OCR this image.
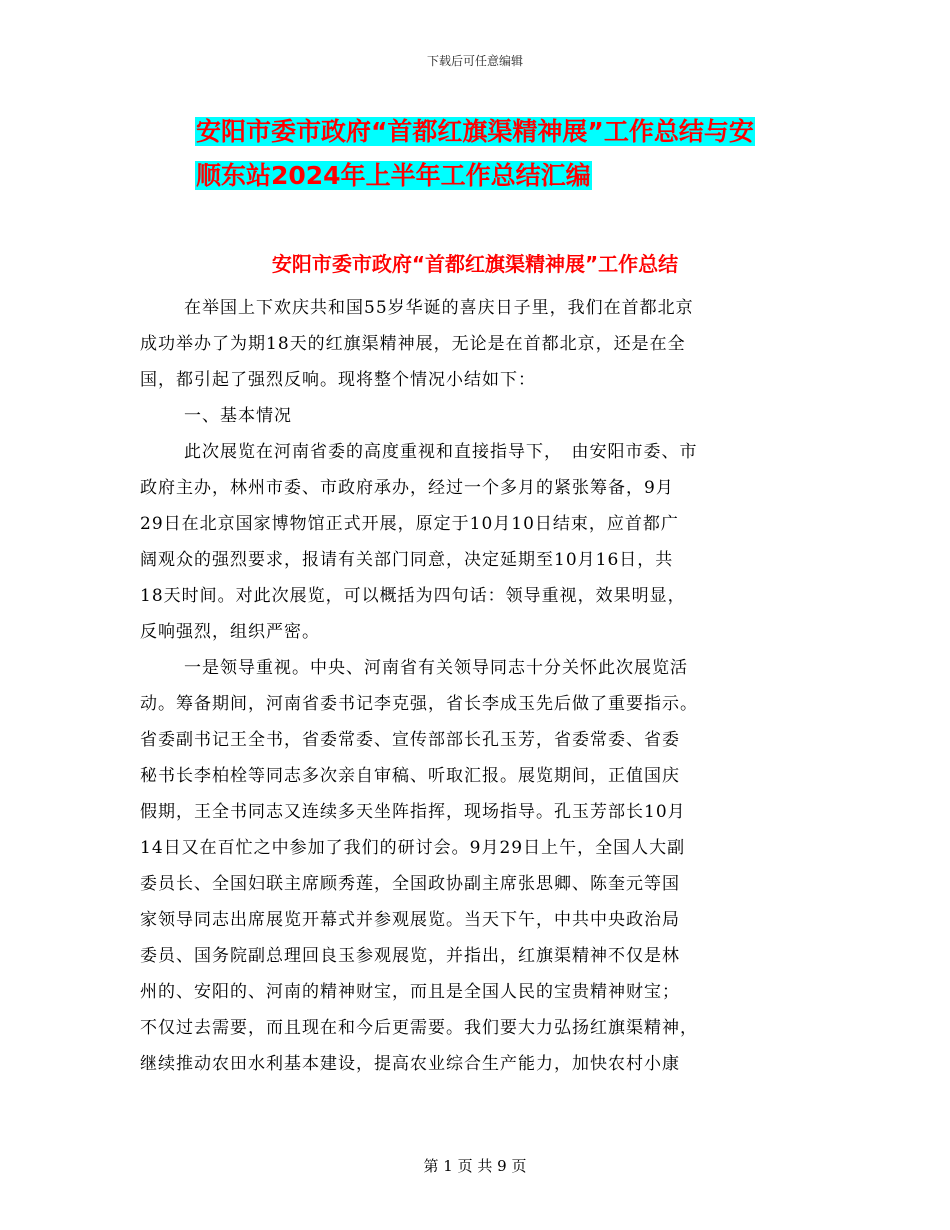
下载后可任意编辑
安阳市委市政府“首都红旗渠精神展”工作总结与安
顺东站2024年上半年工作总结汇编
安阳市委市政府“首都红旗渠精神展”工作总结

在举国上下欢庆共和国55岁华诞的喜庆日子里，我们在首都北京
成功举办了为期18天的红旗渠精神展，无论是在首都北京，还是在全
国，都引起了强烈反响。现将整个情况小结如下：

一、基本情况

此次展览在河南省委的高度重视和直接指导下，　由安阳市委、市
政府主办，林州市委、市政府承办，经过一个多月的紧张筹备，9月
29日在北京国家博物馆正式开展，原定于10月10日结束，应首都广
阔观众的强烈要求，报请有关部门同意，决定延期至10月16日，共
18天时间。对此次展览，可以概括为四句话：领导重视，效果明显，
反响强烈，组织严密。

一是领导重视。中央、河南省有关领导同志十分关怀此次展览活
动。筹备期间，河南省委书记李克强，省长李成玉先后做了重要指示。
省委副书记王全书，省委常委、宣传部部长孔玉芳，省委常委、省委
秘书长李柏栓等同志多次亲自审稿、听取汇报。展览期间，正值国庆
假期，王全书同志又连续多天坐阵指挥，现场指导。孔玉芳部长10月
14日又在百忙之中参加了我们的研讨会。9月29日上午，全国人大副
委员长、全国妇联主席顾秀莲，全国政协副主席张思卿、陈奎元等国
家领导同志出席展览开幕式并参观展览。当天下午，中共中央政治局
委员、国务院副总理回良玉参观展览，并指出，红旗渠精神不仅是林
州的、安阳的、河南的精神财宝，而且是全国人民的宝贵精神财宝；
不仅过去需要，而且现在和今后更需要。我们要大力弘扬红旗渠精神，
继续推动农田水利基本建设，提高农业综合生产能力，加快农村小康

第 1 页 共 9 页
